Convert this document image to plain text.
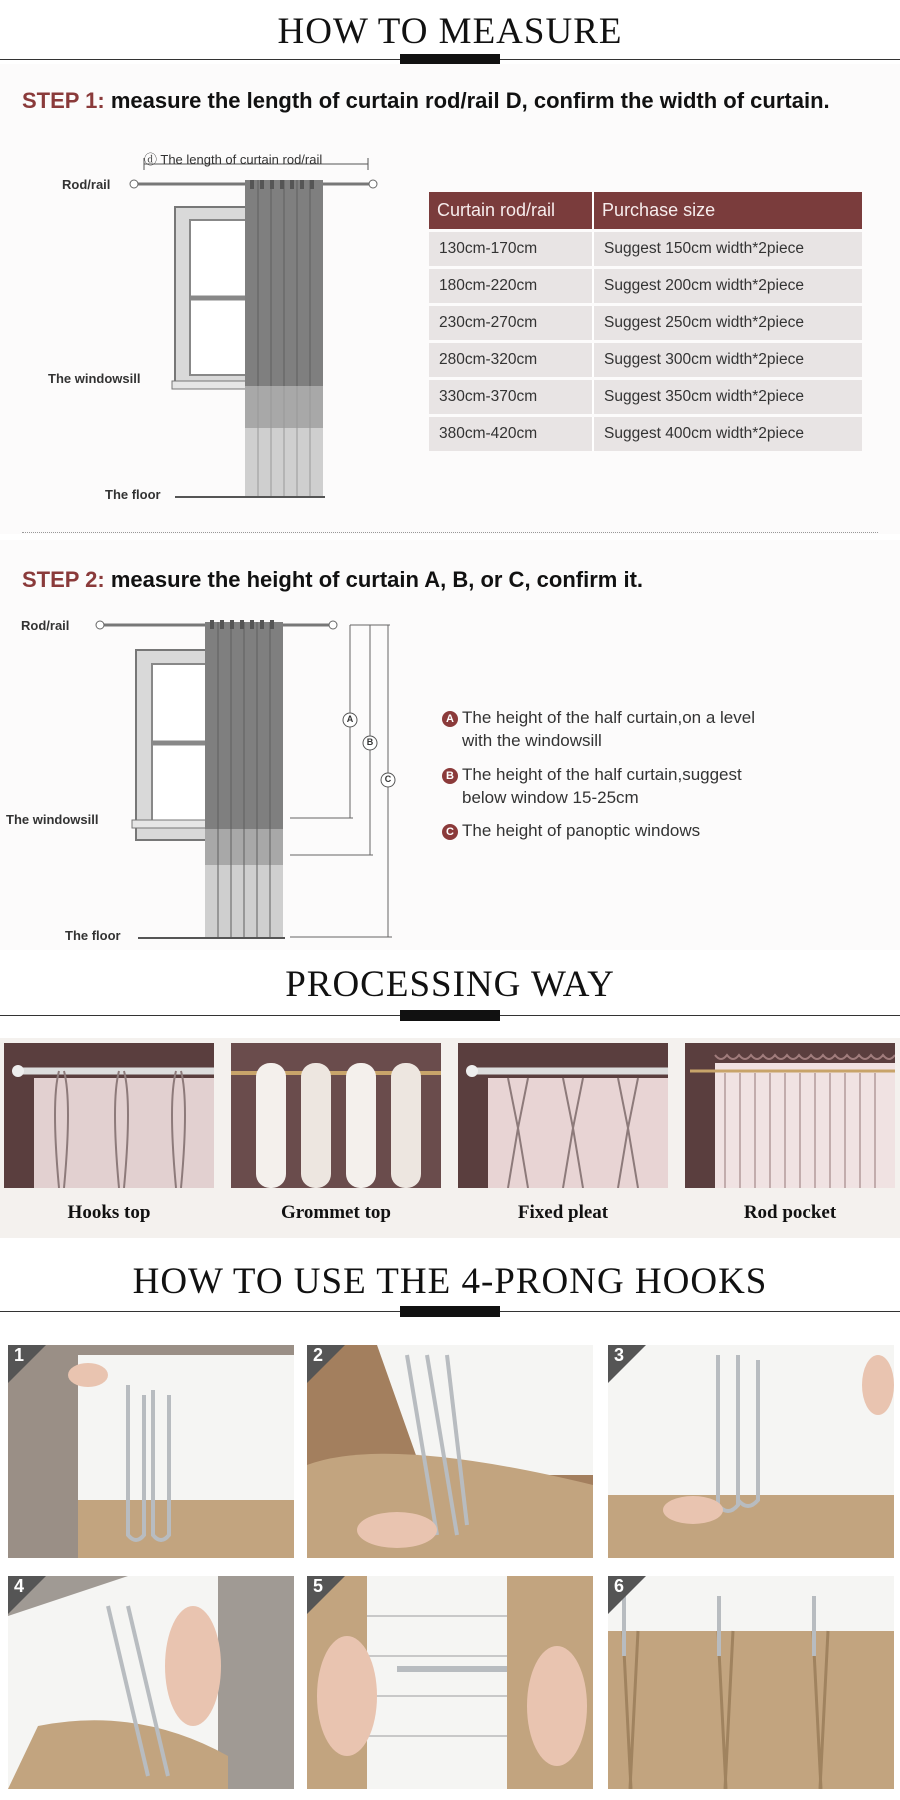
HOW TO MEASURE
STEP 1: measure the length of curtain rod/rail D, confirm the width of curtain.
ⓓ The length of curtain rod/rail
Rod/rail
The windowsill
The floor
Curtain rod/rail	Purchase size
130cm-170cm	Suggest 150cm width*2piece
180cm-220cm	Suggest 200cm width*2piece
230cm-270cm	Suggest 250cm width*2piece
280cm-320cm	Suggest 300cm width*2piece
330cm-370cm	Suggest 350cm width*2piece
380cm-420cm	Suggest 400cm width*2piece
STEP 2: measure the height of curtain A, B, or C, confirm it.
A
B
C
Rod/rail
The windowsill
The floor
A The height of the half curtain,on a level
with the windowsill
B The height of the half curtain,suggest
below window 15-25cm
C The height of panoptic windows
PROCESSING WAY
Hooks top	Grommet top	Fixed pleat	Rod pocket
HOW TO USE THE 4-PRONG HOOKS
1	2	3
4	5	6
